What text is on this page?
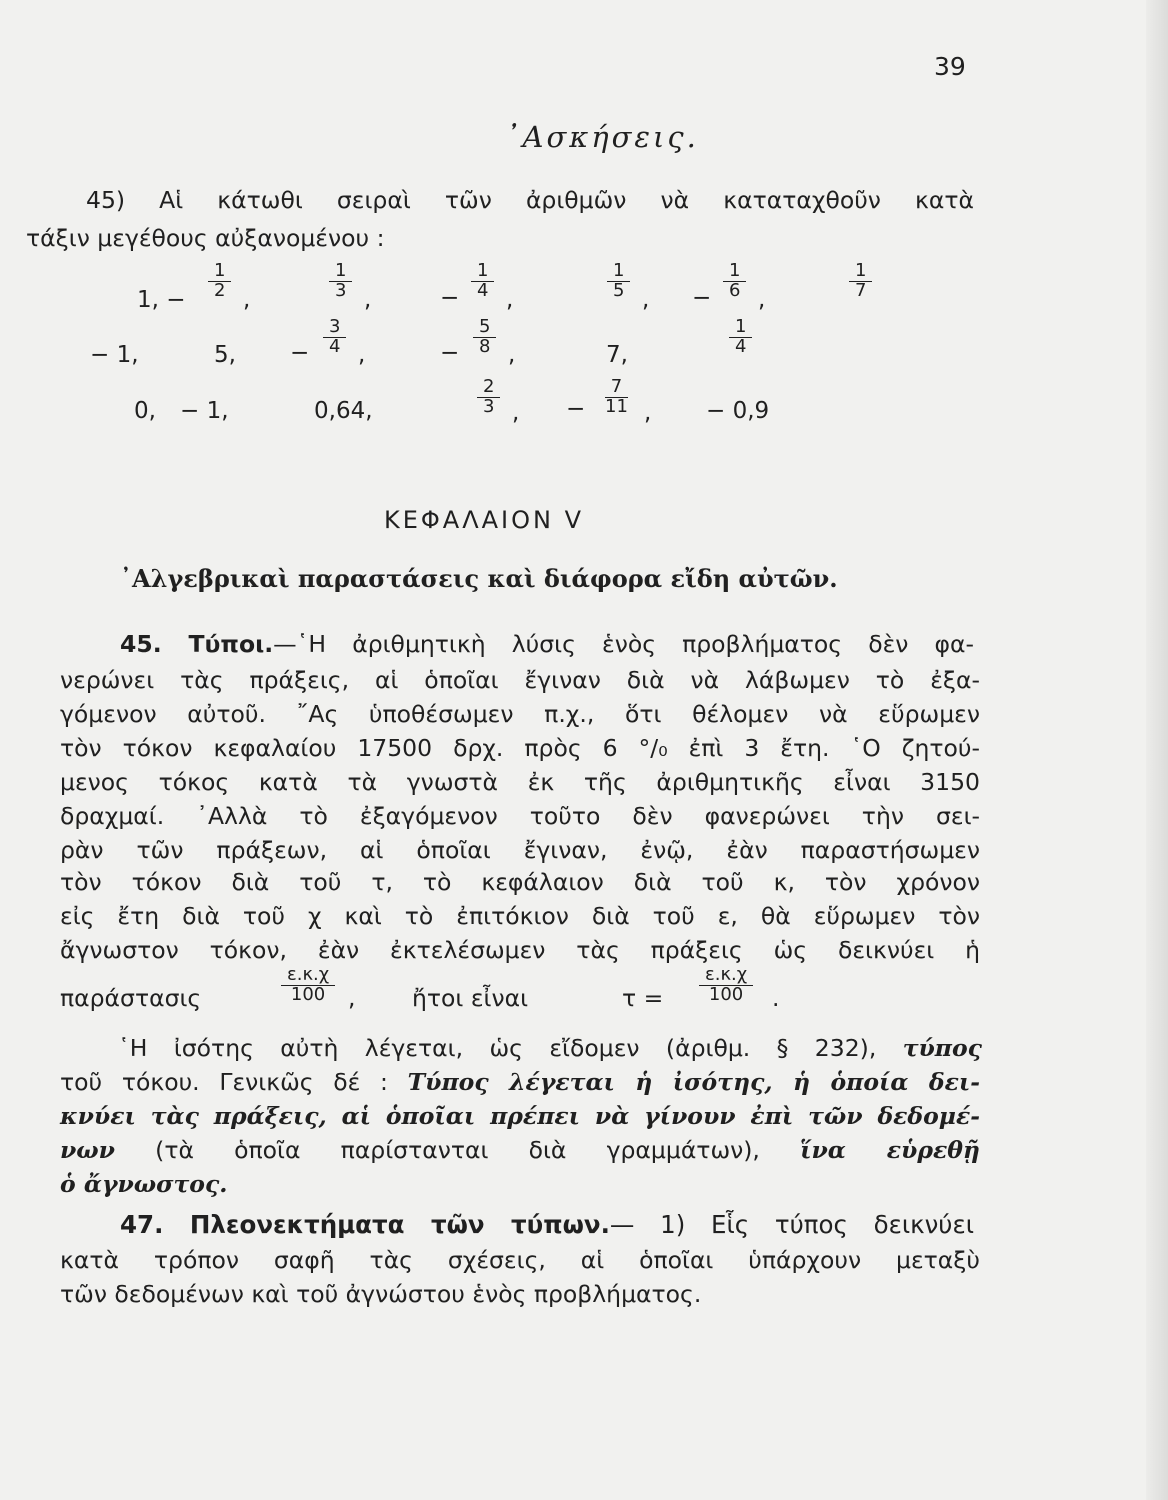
39
᾿Ασκήσεις.
45) Αἱ κάτωθι σειραὶ τῶν ἀριθμῶν νὰ καταταχθοῦν κατὰ
τάξιν μεγέθους αὐξανομένου :
1, − $\frac{1}{2}$ ,	$\frac{1}{3}$ ,	− $\frac{1}{4}$ ,	$\frac{1}{5}$ , − $\frac{1}{6}$ ,	$\frac{1}{7}$
− 1,	5, − $\frac{3}{4}$ ,	− $\frac{5}{8}$ ,	7,	$\frac{1}{4}$
0, − 1,	0,64,	$\frac{2}{3}$ , − $\frac{7}{11}$ , − 0,9
ΚΕΦΑΛΑΙΟΝ V
᾿Αλγεβρικαὶ παραστάσεις καὶ διάφορα εἴδη αὐτῶν.
45. Τύποι.—῾Η ἀριθμητικὴ λύσις ἑνὸς προβλήματος δὲν φα-
νερώνει τὰς πράξεις, αἱ ὁποῖαι ἔγιναν διὰ νὰ λάβωμεν τὸ ἐξα-
γόμενον αὐτοῦ. ῎Ας ὑποθέσωμεν π.χ., ὅτι θέλομεν νὰ εὕρωμεν
τὸν τόκον κεφαλαίου 17500 δρχ. πρὸς 6 °/₀ ἐπὶ 3 ἔτη. ῾Ο ζητού-
μενος τόκος κατὰ τὰ γνωστὰ ἐκ τῆς ἀριθμητικῆς εἶναι 3150
δραχμαί. ᾿Αλλὰ τὸ ἐξαγόμενον τοῦτο δὲν φανερώνει τὴν σει-
ρὰν τῶν πράξεων, αἱ ὁποῖαι ἔγιναν, ἐνῷ, ἐὰν παραστήσωμεν
τὸν τόκον διὰ τοῦ τ, τὸ κεφάλαιον διὰ τοῦ κ, τὸν χρόνον
εἰς ἔτη διὰ τοῦ χ καὶ τὸ ἐπιτόκιον διὰ τοῦ ε, θὰ εὕρωμεν τὸν
ἄγνωστον τόκον, ἐὰν ἐκτελέσωμεν τὰς πράξεις ὡς δεικνύει ἡ
παράστασις	$\frac{\varepsilon.\kappa.\chi}{100}$ , ἤτοι εἶναι	$\tau = \frac{\varepsilon.\kappa.\chi}{100}$ .
῾Η ἰσότης αὐτὴ λέγεται, ὡς εἴδομεν (ἀριθμ. § 232), τύπος
τοῦ τόκου. Γενικῶς δέ : Τύπος λέγεται ἡ ἰσότης, ἡ ὁποία δει-
κνύει τὰς πράξεις, αἱ ὁποῖαι πρέπει νὰ γίνουν ἐπὶ τῶν δεδομέ-
νων (τὰ ὁποῖα παρίστανται διὰ γραμμάτων), ἵνα εὑρεθῇ
ὁ ἄγνωστος.
47. Πλεονεκτήματα τῶν τύπων.— 1) Εἷς τύπος δεικνύει
κατὰ τρόπον σαφῆ τὰς σχέσεις, αἱ ὁποῖαι ὑπάρχουν μεταξὺ
τῶν δεδομένων καὶ τοῦ ἀγνώστου ἑνὸς προβλήματος.
